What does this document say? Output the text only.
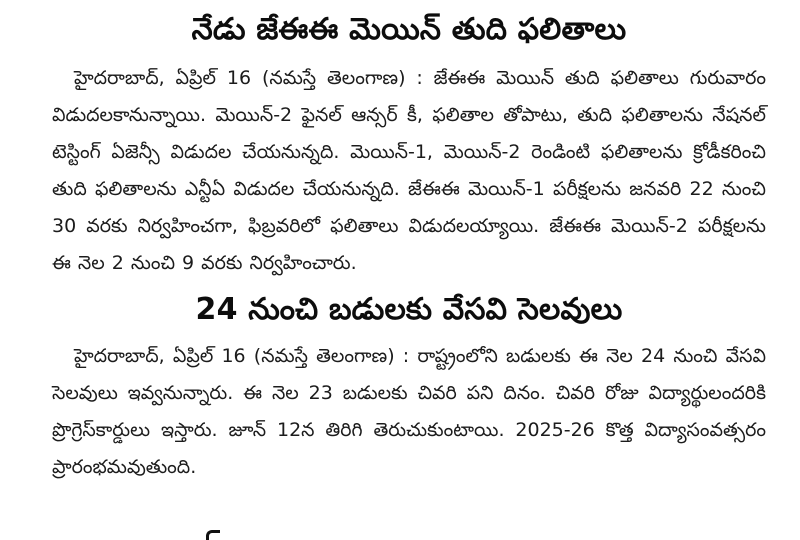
నేడు జేఈఈ మెయిన్ తుది ఫలితాలు

హైదరాబాద్, ఏప్రిల్ 16 (నమస్తే తెలంగాణ) : జేఈఈ మెయిన్ తుది ఫలితాలు గురువారం విడుదలకానున్నాయి. మెయిన్-2 ఫైనల్ ఆన్సర్ కీ, ఫలితాల తోపాటు, తుది ఫలితాలను నేషనల్ టెస్టింగ్ ఏజెన్సీ విడుదల చేయనున్నది. మెయిన్-1, మెయిన్-2 రెండింటి ఫలితాలను క్రోడీకరించి తుది ఫలితాలను ఎన్టీఏ విడుదల చేయనున్నది. జేఈఈ మెయిన్-1 పరీక్షలను జనవరి 22 నుంచి 30 వరకు నిర్వహించగా, ఫిబ్రవరిలో ఫలితాలు విడుదలయ్యాయి. జేఈఈ మెయిన్-2 పరీక్షలను ఈ నెల 2 నుంచి 9 వరకు నిర్వహించారు.

24 నుంచి బడులకు వేసవి సెలవులు

హైదరాబాద్, ఏప్రిల్ 16 (నమస్తే తెలంగాణ) : రాష్ట్రంలోని బడులకు ఈ నెల 24 నుంచి వేసవి సెలవులు ఇవ్వనున్నారు. ఈ నెల 23 బడులకు చివరి పని దినం. చివరి రోజు విద్యార్థులందరికి ప్రొగ్రెస్‌కార్డులు ఇస్తారు. జూన్ 12న తిరిగి తెరుచుకుంటాయి. 2025-26 కొత్త విద్యాసంవత్సరం ప్రారంభమవుతుంది.
